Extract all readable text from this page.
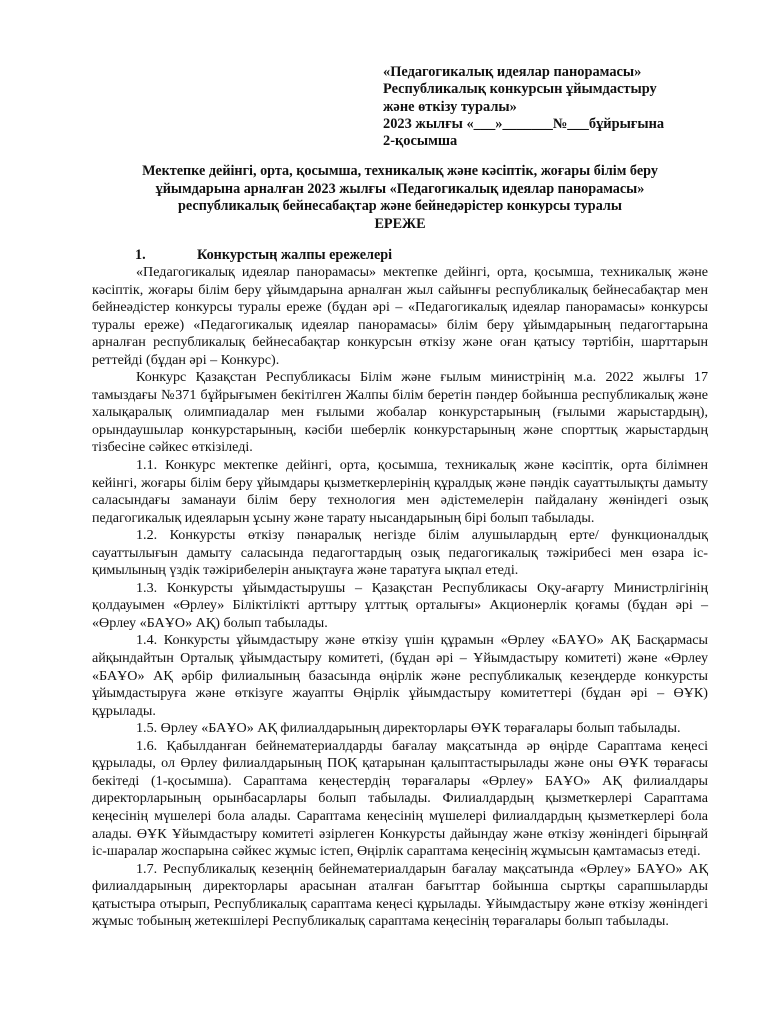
«Педагогикалық идеялар панорамасы»
Республикалық конкурсын ұйымдастыру
және өткізу туралы»
2023 жылғы «___»_______№___бұйрығына
2-қосымша
Мектепке дейінгі, орта, қосымша, техникалық және кәсіптік, жоғары білім беру
ұйымдарына арналған 2023 жылғы «Педагогикалық идеялар панорамасы»
республикалық бейнесабақтар және бейнедәрістер конкурсы туралы
ЕРЕЖЕ
1.	Конкурстың жалпы ережелері

«Педагогикалық идеялар панорамасы» мектепке дейінгі, орта, қосымша, техникалық және кәсіптік, жоғары білім беру ұйымдарына арналған жыл сайынғы республикалық бейнесабақтар мен бейнеәдістер конкурсы туралы ереже (бұдан әрі – «Педагогикалық идеялар панорамасы» конкурсы туралы ереже) «Педагогикалық идеялар панорамасы» білім беру ұйымдарының педагогтарына арналған республикалық бейнесабақтар конкурсын өткізу және оған қатысу тәртібін, шарттарын реттейді (бұдан әрі – Конкурс).

Конкурс Қазақстан Республикасы Білім және ғылым министрінің м.а. 2022 жылғы 17 тамыздағы №371 бұйрығымен бекітілген Жалпы білім беретін пәндер бойынша республикалық және халықаралық олимпиадалар мен ғылыми жобалар конкурстарының (ғылыми жарыстардың), орындаушылар конкурстарының, кәсіби шеберлік конкурстарының және спорттық жарыстардың тізбесіне сәйкес өткізіледі.

1.1. Конкурс мектепке дейінгі, орта, қосымша, техникалық және кәсіптік, орта білімнен кейінгі, жоғары білім беру ұйымдары қызметкерлерінің құралдық және пәндік сауаттылықты дамыту саласындағы заманауи білім беру технология мен әдістемелерін пайдалану жөніндегі озық педагогикалық идеяларын ұсыну және тарату нысандарының бірі болып табылады.

1.2. Конкурсты өткізу пәнаралық негізде білім алушылардың ерте/ функционалдық сауаттылығын дамыту саласында педагогтардың озық педагогикалық тәжірибесі мен өзара іс-қимылының үздік тәжірибелерін анықтауға және таратуға ықпал етеді.

1.3. Конкурсты ұйымдастырушы – Қазақстан Республикасы Оқу-ағарту Министрлігінің қолдауымен «Өрлеу» Біліктілікті арттыру ұлттық орталығы» Акционерлік қоғамы (бұдан әрі – «Өрлеу «БАҰО» АҚ) болып табылады.

1.4. Конкурсты ұйымдастыру және өткізу үшін құрамын «Өрлеу «БАҰО» АҚ Басқармасы айқындайтын Орталық ұйымдастыру комитеті, (бұдан әрі – Ұйымдастыру комитеті) және «Өрлеу «БАҰО» АҚ әрбір филиалының базасында өңірлік және республикалық кезеңдерде конкурсты ұйымдастыруға және өткізуге жауапты Өңірлік ұйымдастыру комитеттері (бұдан әрі – ӨҰК) құрылады.

1.5. Өрлеу «БАҰО» АҚ филиалдарының директорлары ӨҰК төрағалары болып табылады.

1.6. Қабылданған бейнематериалдарды бағалау мақсатында әр өңірде Сараптама кеңесі құрылады, ол Өрлеу филиалдарының ПОҚ қатарынан қалыптастырылады және оны ӨҰК төрағасы бекітеді (1-қосымша). Сараптама кеңестердің төрағалары «Өрлеу» БАҰО» АҚ филиалдары директорларының орынбасарлары болып табылады. Филиалдардың қызметкерлері Сараптама кеңесінің мүшелері бола алады. Сараптама кеңесінің мүшелері филиалдардың қызметкерлері бола алады. ӨҰК Ұйымдастыру комитеті әзірлеген Конкурсты дайындау және өткізу жөніндегі бірыңғай іс-шаралар жоспарына сәйкес жұмыс істеп, Өңірлік сараптама кеңесінің жұмысын қамтамасыз етеді.

1.7. Республикалық кезеңнің бейнематериалдарын бағалау мақсатында «Өрлеу» БАҰО» АҚ филиалдарының директорлары арасынан аталған бағыттар бойынша сыртқы сарапшыларды қатыстыра отырып, Республикалық сараптама кеңесі құрылады. Ұйымдастыру және өткізу жөніндегі жұмыс тобының жетекшілері Республикалық сараптама кеңесінің төрағалары болып табылады.
